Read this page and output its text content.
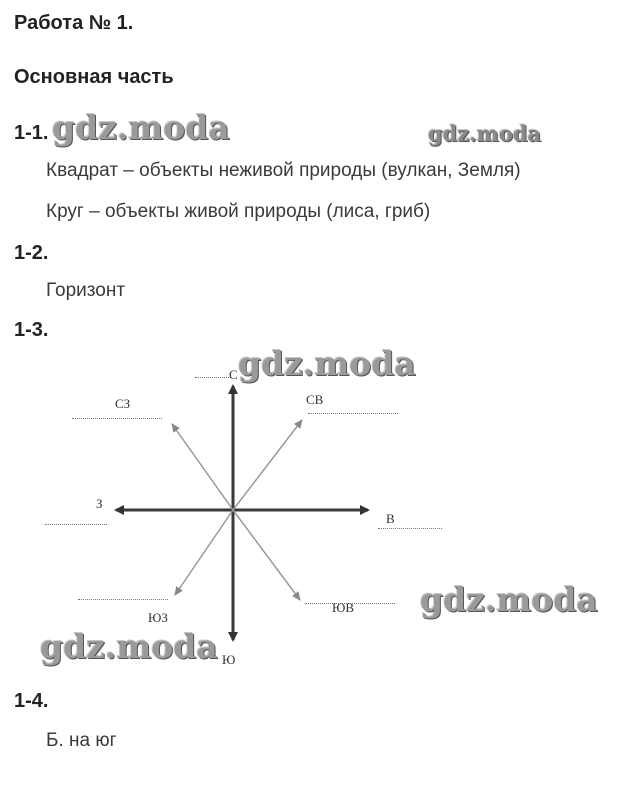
Работа № 1.
Основная часть
1-1. gdz.moda	gdz.moda
Квадрат – объекты неживой природы (вулкан, Земля)
Круг – объекты живой природы (лиса, гриб)
1-2.
Горизонт
1-3.
С
СЗ	СВ
З
В
ЮЗ
ЮВ
Ю
gdz.moda
gdz.moda
gdz.moda
1-4.
Б. на юг
